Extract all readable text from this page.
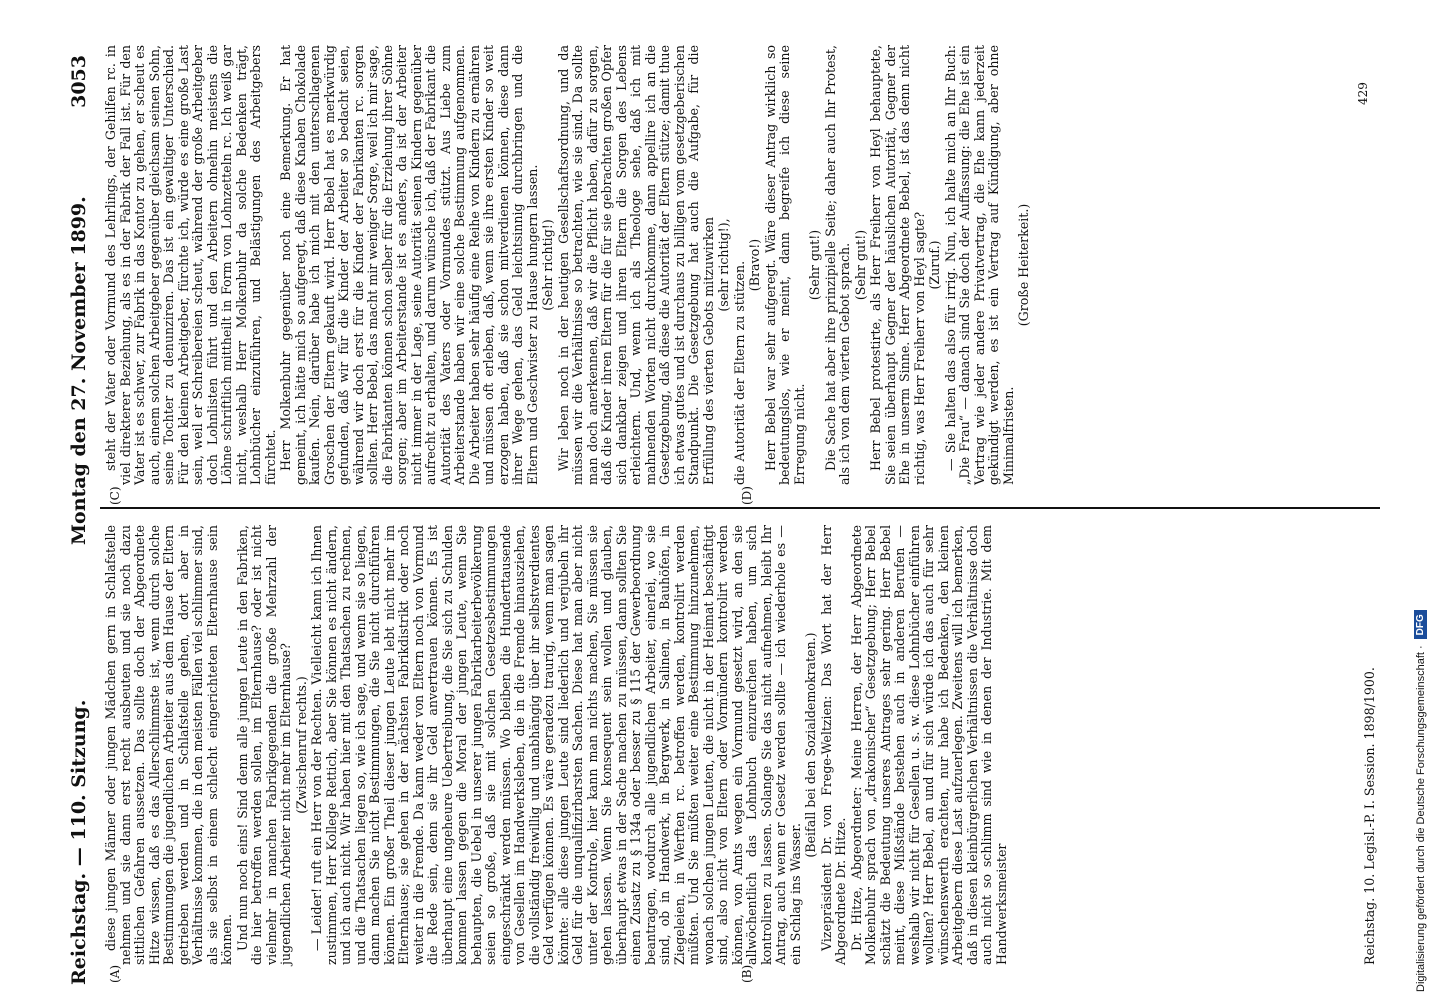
Reichstag. — 110. Sitzung.
Montag den 27. November 1899.
3053
(A)	(B)
(C)	(D)

diese jungen Männer oder jungen Mädchen gern in Schlafstelle nehmen und sie dann erst recht ausbeuten und sie noch dazu sittlichen Gefahren aussetzen. Das sollte doch der Abgeordnete Hitze wissen, daß es das Allerschlimmste ist, wenn durch solche Bestimmungen die jugendlichen Arbeiter aus dem Hause der Eltern getrieben werden und in Schlafstelle gehen, dort aber in Verhältnisse kommen, die in den meisten Fällen viel schlimmer sind, als sie selbst in einem schlecht eingerichteten Elternhause sein können. Und nun noch eins! Sind denn alle jungen Leute in den Fabriken, die hier betroffen werden sollen, im Elternhause? oder ist nicht vielmehr in manchen Fabrikgegenden die große Mehrzahl der jugendlichen Arbeiter nicht mehr im Elternhause? (Zwischenruf rechts.) — Leider! ruft ein Herr von der Rechten. Vielleicht kann ich Ihnen zustimmen, Herr Kollege Rettich, aber Sie können es nicht ändern, und ich auch nicht. Wir haben hier mit den Thatsachen zu rechnen, und die Thatsachen liegen so, wie ich sage, und wenn sie so liegen, dann machen Sie nicht Bestimmungen, die Sie nicht durchführen können. Ein großer Theil dieser jungen Leute lebt nicht mehr im Elternhause; sie gehen in der nächsten Fabrikdistrikt oder noch weiter in die Fremde. Da kann weder von Eltern noch von Vormund die Rede sein, denn sie ihr Geld anvertrauen können. Es ist überhaupt eine ungeheure Uebertreibung, die Sie sich zu Schulden kommen lassen gegen die Moral der jungen Leute, wenn Sie behaupten, die Uebel in unserer jungen Fabrikarbeiterbevölkerung seien so große, daß sie mit solchen Gesetzesbestimmungen eingeschränkt werden müssen. Wo bleiben die Hunderttausende von Gesellen im Handwerksleben, die in die Fremde hinausziehen, die vollständig freiwillig und unabhängig über ihr selbstverdientes Geld verfügen können. Es wäre geradezu traurig, wenn man sagen könnte: alle diese jungen Leute sind liederlich und verjubeln ihr Geld für die unqualifizirbarsten Sachen. Diese hat man aber nicht unter der Kontrole, hier kann man nichts machen, Sie müssen sie gehen lassen. Wenn Sie konsequent sein wollen und glauben, überhaupt etwas in der Sache machen zu müssen, dann sollten Sie einen Zusatz zu § 134a oder besser zu § 115 der Gewerbeordnung beantragen, wodurch alle jugendlichen Arbeiter, einerlei, wo sie sind, ob in Handwerk, in Bergwerk, in Salinen, in Bauhöfen, in Ziegeleien, in Werften rc. betroffen werden, kontrolirt werden müßten. Und Sie müßten weiter eine Bestimmung hinzunehmen, wonach solchen jungen Leuten, die nicht in der Heimat beschäftigt sind, also nicht von Eltern oder Vormündern kontrolirt werden können, von Amts wegen ein Vormund gesetzt wird, an den sie allwöchentlich das Lohnbuch einzureichen haben, um sich kontroliren zu lassen. Solange Sie das nicht aufnehmen, bleibt Ihr Antrag, auch wenn er Gesetz werden sollte — ich wiederhole es — ein Schlag ins Wasser.

(Beifall bei den Sozialdemokraten.) Vizepräsident Dr. von Frege-Weltzien: Das Wort hat der Herr Abgeordnete Dr. Hitze. Dr. Hitze, Abgeordneter: Meine Herren, der Herr Abgeordnete Molkenbuhr sprach von „drakonischer“ Gesetzgebung; Herr Bebel schätzt die Bedeutung unseres Antrages sehr gering. Herr Bebel meint, diese Mißstände bestehen auch in anderen Berufen — weshalb wir nicht für Gesellen u. s. w. diese Lohnbücher einführen wollten? Herr Bebel, an und für sich würde ich das auch für sehr wünschenswerth erachten, nur habe ich Bedenken, den kleinen Arbeitgebern diese Last aufzuerlegen. Zweitens will ich bemerken, daß in diesen kleinbürgerlichen Verhältnissen die Verhältnisse doch auch nicht so schlimm sind wie in denen der Industrie. Mit dem Handwerksmeister

steht der Vater oder Vormund des Lehrlings, der Gehilfen rc. in viel direkterer Beziehung, als es in der Fabrik der Fall ist. Für den Vater ist es schwer, zur Fabrik in das Kontor zu gehen, er scheut es auch, einem solchen Arbeitgeber gegenüber gleichsam seinen Sohn, seine Tochter zu denunziren. Das ist ein gewaltiger Unterschied. Für den kleinen Arbeitgeber, fürchte ich, würde es eine große Last sein, weil er Schreibereien scheut, während der große Arbeitgeber doch Lohnlisten führt und den Arbeitern ohnehin meistens die Löhne schriftlich mittheilt in Form von Lohnzetteln rc. Ich weiß gar nicht, weshalb Herr Molkenbuhr da solche Bedenken trägt, Lohnbücher einzuführen, und Belästigungen des Arbeitgebers fürchtet. Herr Molkenbuhr gegenüber noch eine Bemerkung. Er hat gemeint, ich hätte mich so aufgeregt, daß diese Knaben Chokolade kaufen. Nein, darüber habe ich mich mit den unterschlagenen Groschen der Eltern gekauft wird. Herr Bebel hat es merkwürdig gefunden, daß wir für die Kinder der Arbeiter so bedacht seien, während wir doch erst für die Kinder der Fabrikanten rc. sorgen sollten. Herr Bebel, das macht mir weniger Sorge, weil ich mir sage, die Fabrikanten können schon selber für die Erziehung ihrer Söhne sorgen; aber im Arbeiterstande ist es anders, da ist der Arbeiter nicht immer in der Lage, seine Autorität seinen Kindern gegenüber aufrecht zu erhalten, und darum wünsche ich, daß der Fabrikant die Autorität des Vaters oder Vormundes stützt. Aus Liebe zum Arbeiterstande haben wir eine solche Bestimmung aufgenommen. Die Arbeiter haben sehr häufig eine Reihe von Kindern zu ernähren und müssen oft erleben, daß, wenn sie ihre ersten Kinder so weit erzogen haben, daß sie schon mitverdienen können, diese dann ihrer Wege gehen, das Geld leichtsinnig durchbringen und die Eltern und Geschwister zu Hause hungern lassen. (Sehr richtig!) Wir leben noch in der heutigen Gesellschaftsordnung, und da müssen wir die Verhältnisse so betrachten, wie sie sind. Da sollte man doch anerkennen, daß wir die Pflicht haben, dafür zu sorgen, daß die Kinder ihren Eltern für die für sie gebrachten großen Opfer sich dankbar zeigen und ihren Eltern die Sorgen des Lebens erleichtern. Und, wenn ich als Theologe sehe, daß ich mit mahnenden Worten nicht durchkomme, dann appellire ich an die Gesetzgebung, daß diese die Autorität der Eltern stütze; damit thue ich etwas gutes und ist durchaus zu billigen vom gesetzgeberischen Standpunkt. Die Gesetzgebung hat auch die Aufgabe, für die Erfüllung des vierten Gebots mitzuwirken (sehr richtig!), die Autorität der Eltern zu stützen. (Bravo!) Herr Bebel war sehr aufgeregt. Wäre dieser Antrag wirklich so bedeutungslos, wie er meint, dann begreife ich diese seine Erregung nicht.

(Sehr gut!) Die Sache hat aber ihre prinzipielle Seite; daher auch Ihr Protest, als ich von dem vierten Gebot sprach. (Sehr gut!) Herr Bebel protestirte, als Herr Freiherr von Heyl behauptete, Sie seien überhaupt Gegner der häuslichen Autorität, Gegner der Ehe in unserm Sinne. Herr Abgeordnete Bebel, ist das denn nicht richtig, was Herr Freiherr von Heyl sagte? (Zuruf.) — Sie halten das also für irrig. Nun, ich halte mich an Ihr Buch: „Die Frau“ — danach sind Sie doch der Auffassung: die Ehe ist ein Vertrag wie jeder andere Privatvertrag, die Ehe kann jederzeit gekündigt werden, es ist ein Vertrag auf Kündigung, aber ohne Minimalfristen.

(Große Heiterkeit.)

Reichstag. 10. Legisl.-P. I. Session. 1898/1900.
429
Digitalisierung gefördert durch die Deutsche Forschungsgemeinschaft ·
DFG
